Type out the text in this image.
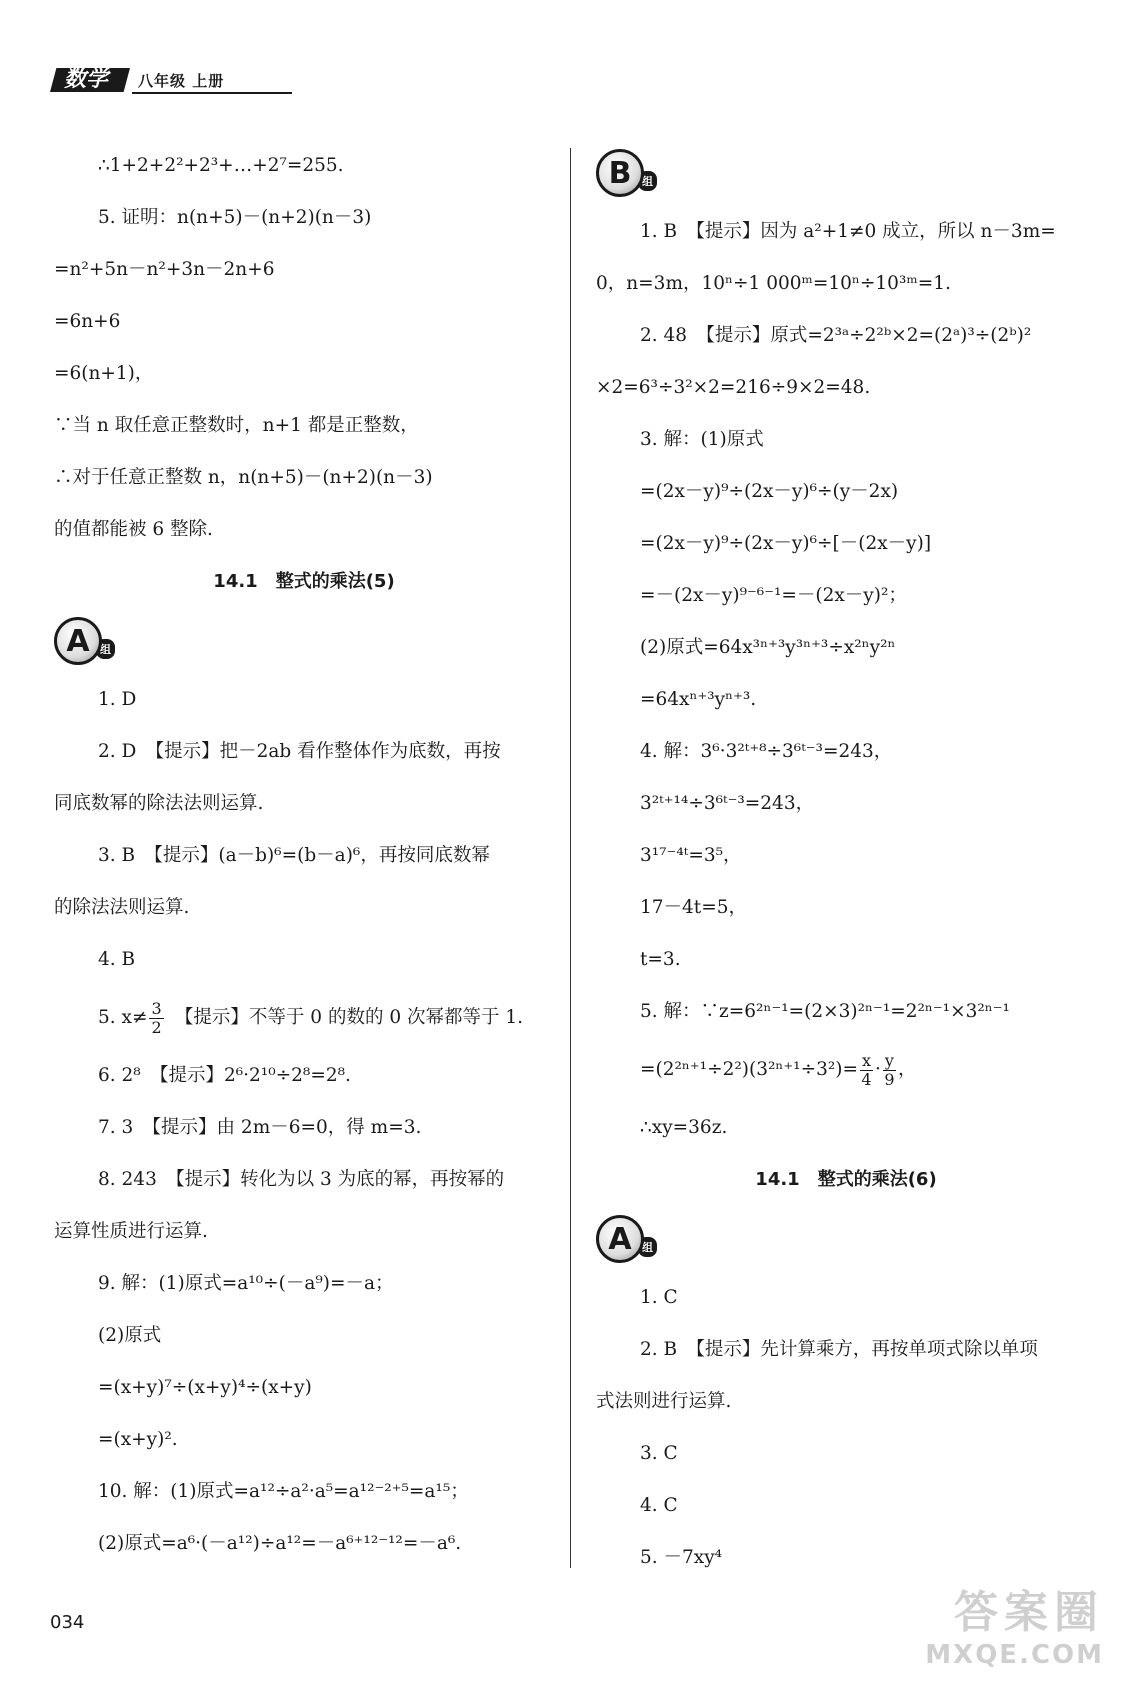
数学 八年级 上册
∴1+2+2²+2³+…+2⁷=255.
5. 证明：n(n+5)－(n+2)(n－3)
=n²+5n－n²+3n－2n+6
=6n+6
=6(n+1)，
∵当 n 取任意正整数时，n+1 都是正整数，
∴对于任意正整数 n，n(n+5)－(n+2)(n－3)
的值都能被 6 整除.
14.1　整式的乘法(5)
A 组
1. D
2. D　【提示】把－2ab 看作整体作为底数，再按
同底数幂的除法法则运算.
3. B　【提示】(a－b)⁶=(b－a)⁶，再按同底数幂
的除法法则运算.
4. B
5. $x\ne \frac{3}{2}$ 　【提示】不等于 0 的数的 0 次幂都等于 1.
6. 2⁸　【提示】2⁶·2¹⁰÷2⁸=2⁸.
7. 3　【提示】由 2m－6=0，得 m=3.
8. 243　【提示】转化为以 3 为底的幂，再按幂的
运算性质进行运算.
9. 解：(1)原式=a¹⁰÷(－a⁹)=－a；
(2)原式
=(x+y)⁷÷(x+y)⁴÷(x+y)
=(x+y)².
10. 解：(1)原式=a¹²÷a²·a⁵=a¹²⁻²⁺⁵=a¹⁵；
(2)原式=a⁶·(－a¹²)÷a¹²=－a⁶⁺¹²⁻¹²=－a⁶.
B 组
1. B　【提示】因为 a²+1≠0 成立，所以 n－3m=
0，n=3m，10ⁿ÷1 000ᵐ=10ⁿ÷10³ᵐ=1.
2. 48　【提示】原式=2³ᵃ÷2²ᵇ×2=(2ᵃ)³÷(2ᵇ)²
×2=6³÷3²×2=216÷9×2=48.
3. 解：(1)原式
=(2x－y)⁹÷(2x－y)⁶÷(y－2x)
=(2x－y)⁹÷(2x－y)⁶÷[－(2x－y)]
=－(2x－y)⁹⁻⁶⁻¹=－(2x－y)²；
(2)原式=64x³ⁿ⁺³y³ⁿ⁺³÷x²ⁿy²ⁿ
=64xⁿ⁺³yⁿ⁺³.
4. 解：3⁶·3²ᵗ⁺⁸÷3⁶ᵗ⁻³=243，
3²ᵗ⁺¹⁴÷3⁶ᵗ⁻³=243，
3¹⁷⁻⁴ᵗ=3⁵，
17－4t=5，
t=3.
5. 解：∵z=6²ⁿ⁻¹=(2×3)²ⁿ⁻¹=2²ⁿ⁻¹×3²ⁿ⁻¹
$=(2^{2n+1}\div 2^2)(3^{2n+1}\div 3^2)= \frac{x}{4} \cdot \frac{y}{9}$ ，
∴xy=36z.
14.1　整式的乘法(6)
A 组
1. C
2. B　【提示】先计算乘方，再按单项式除以单项
式法则进行运算.
3. C
4. C
5. －7xy⁴
034	答案圈
MXQE.COM
